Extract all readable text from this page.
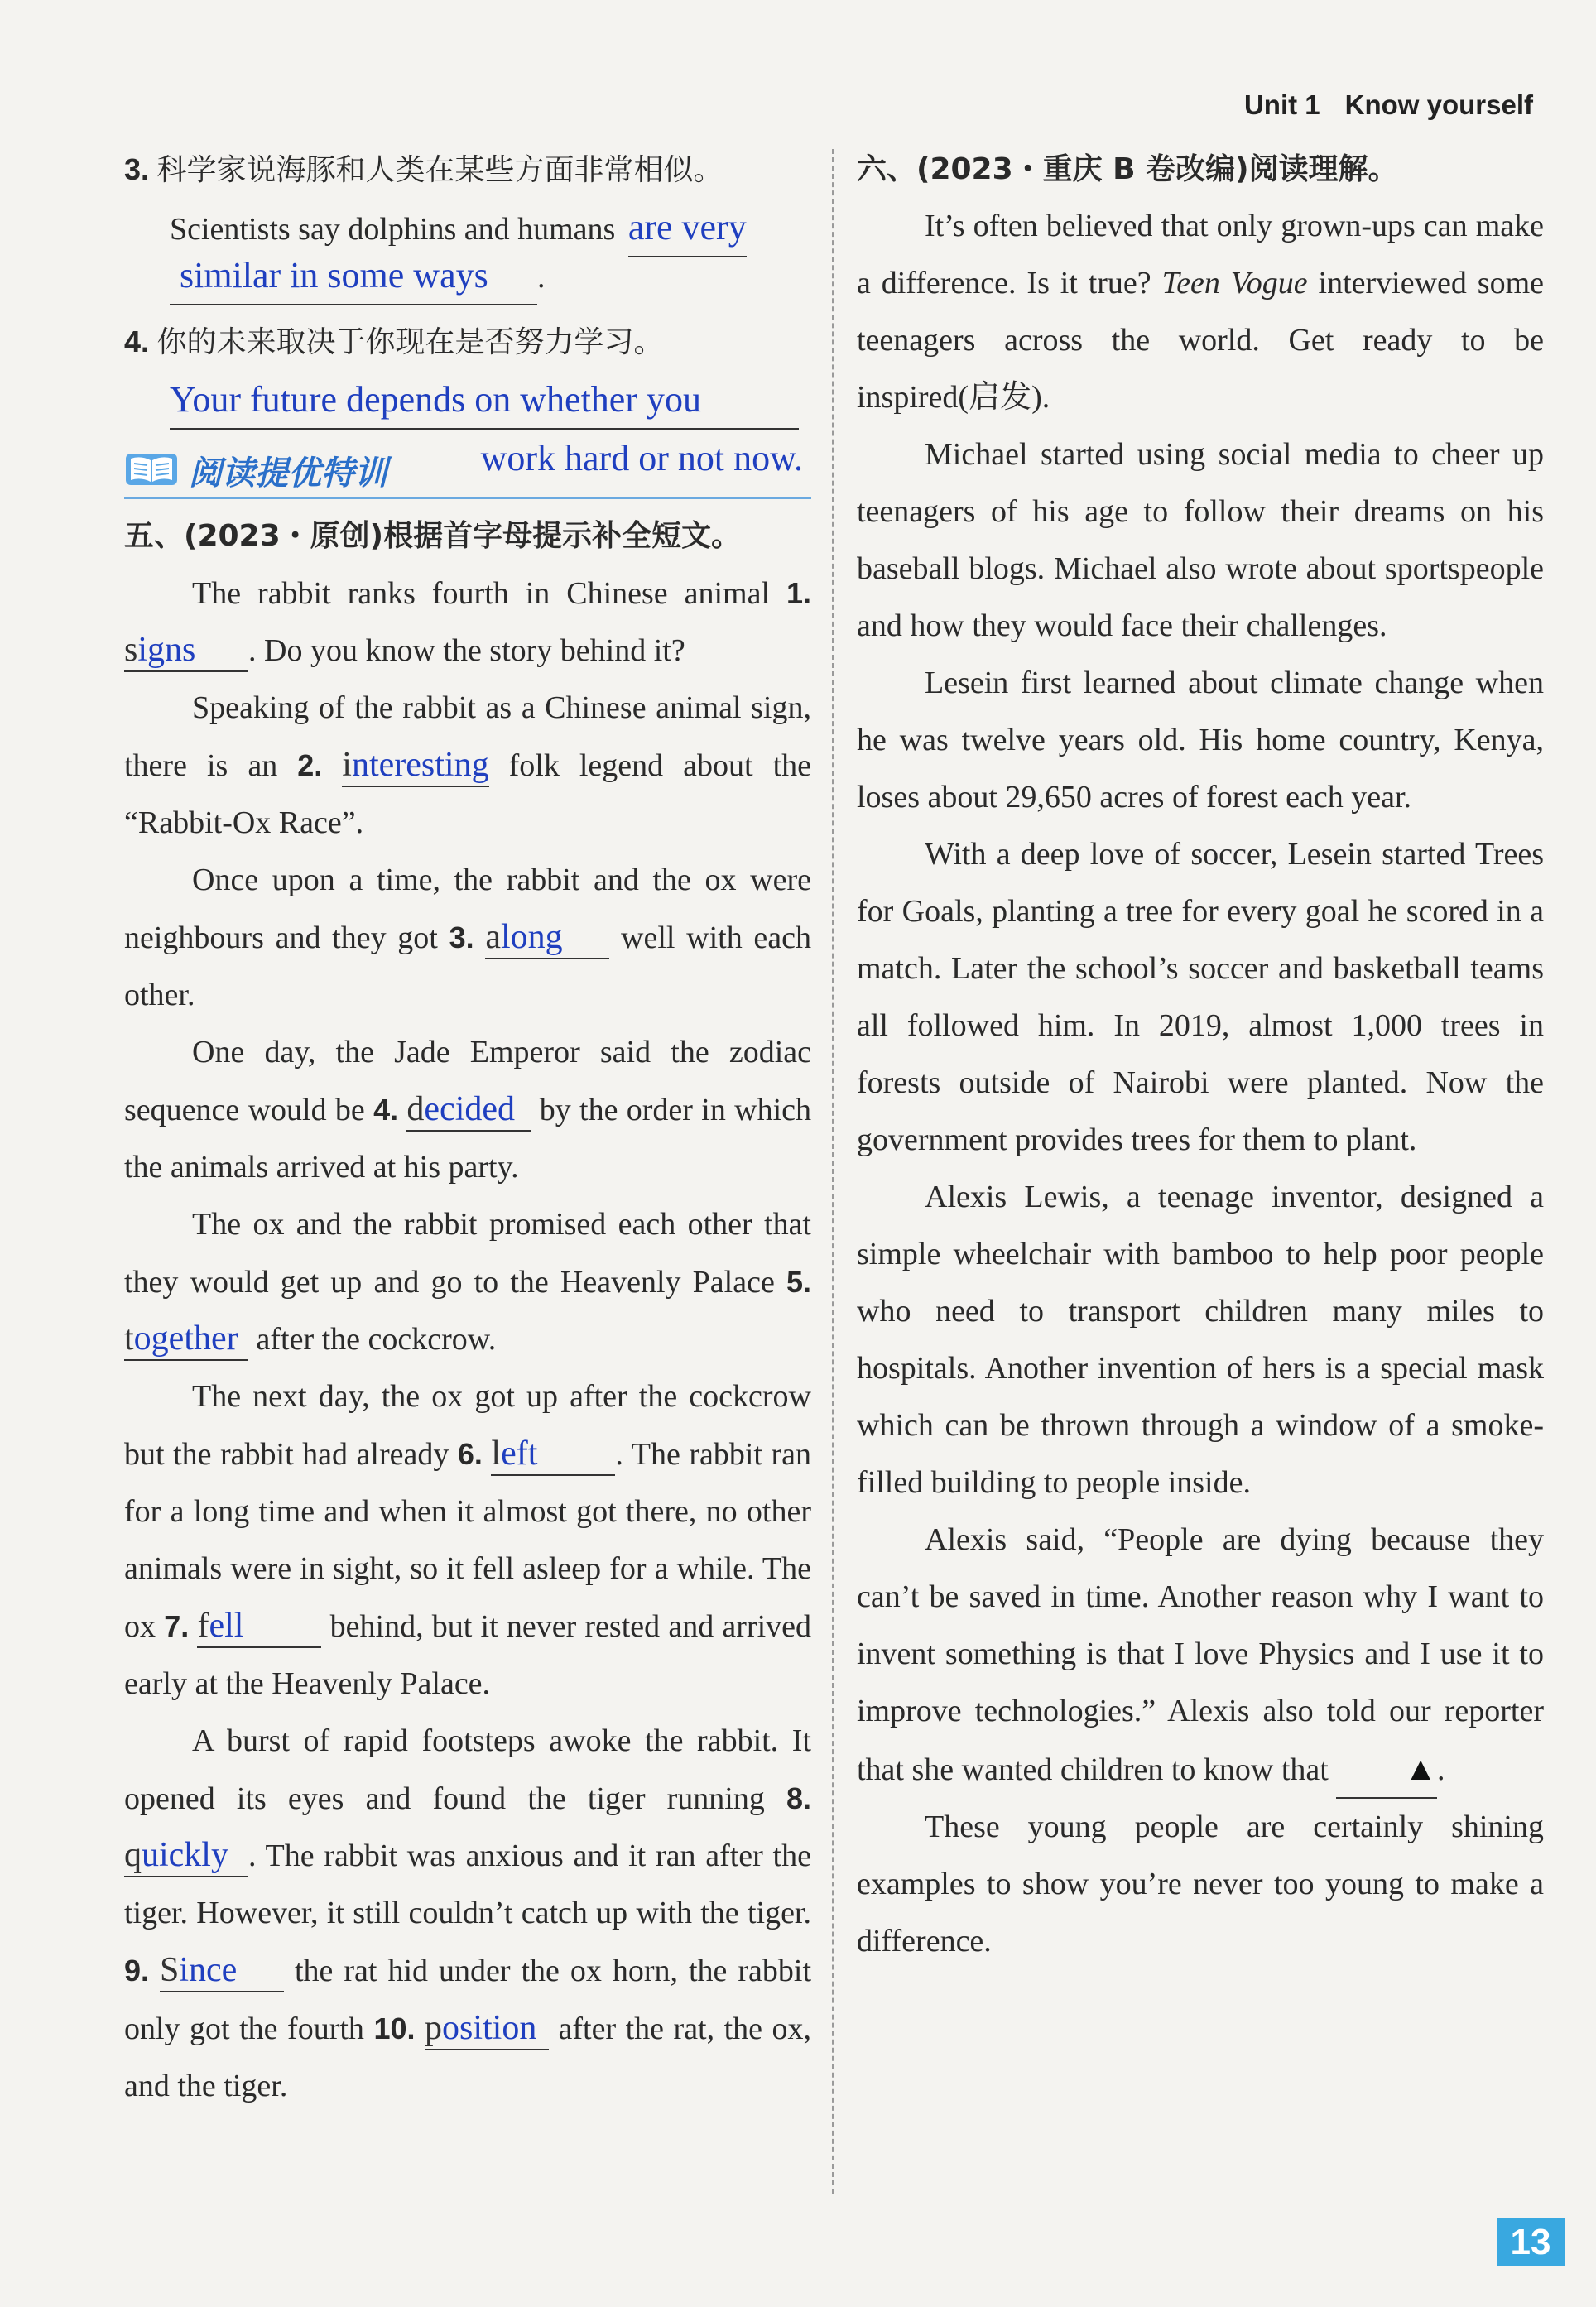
Unit 1 Know yourself

3. 科学家说海豚和人类在某些方面非常相似。

Scientists say dolphins and humans are very

similar in some ways .

4. 你的未来取决于你现在是否努力学习。

Your future depends on whether you

阅读提优特训	work hard or not now.

五、(2023・原创)根据首字母提示补全短文。

The rabbit ranks fourth in Chinese animal 1. signs . Do you know the story behind it?

Speaking of the rabbit as a Chinese animal sign, there is an 2. interesting folk legend about the “Rabbit-Ox Race”.

Once upon a time, the rabbit and the ox were neighbours and they got 3. along well with each other.

One day, the Jade Emperor said the zodiac sequence would be 4. decided by the order in which the animals arrived at his party.

The ox and the rabbit promised each other that they would get up and go to the Heavenly Palace 5. together after the cockcrow.

The next day, the ox got up after the cockcrow but the rabbit had already 6. left . The rabbit ran for a long time and when it almost got there, no other animals were in sight, so it fell asleep for a while. The ox 7. fell	behind, but it never rested and arrived early at the Heavenly Palace.

A burst of rapid footsteps awoke the rabbit. It opened its eyes and found the tiger running 8. quickly . The rabbit was anxious and it ran after the tiger. However, it still couldn’t catch up with the tiger. 9. Since the rat hid under the ox horn, the rabbit only got the fourth 10. position after the rat, the ox, and the tiger.

六、(2023・重庆 B 卷改编)阅读理解。

It’s often believed that only grown-ups can make a difference. Is it true? Teen Vogue interviewed some teenagers across the world. Get ready to be inspired(启发).

Michael started using social media to cheer up teenagers of his age to follow their dreams on his baseball blogs. Michael also wrote about sportspeople and how they would face their challenges.

Lesein first learned about climate change when he was twelve years old. His home country, Kenya, loses about 29,650 acres of forest each year.

With a deep love of soccer, Lesein started Trees for Goals, planting a tree for every goal he scored in a match. Later the school’s soccer and basketball teams all followed him. In 2019, almost 1,000 trees in forests outside of Nairobi were planted. Now the government provides trees for them to plant.

Alexis Lewis, a teenage inventor, designed a simple wheelchair with bamboo to help poor people who need to transport children many miles to hospitals. Another invention of hers is a special mask which can be thrown through a window of a smoke-filled building to people inside.

Alexis said, “People are dying because they can’t be saved in time. Another reason why I want to invent something is that I love Physics and I use it to improve technologies.” Alexis also told our reporter that she wanted children to know that ▲.

These young people are certainly shining examples to show you’re never too young to make a difference.

13
